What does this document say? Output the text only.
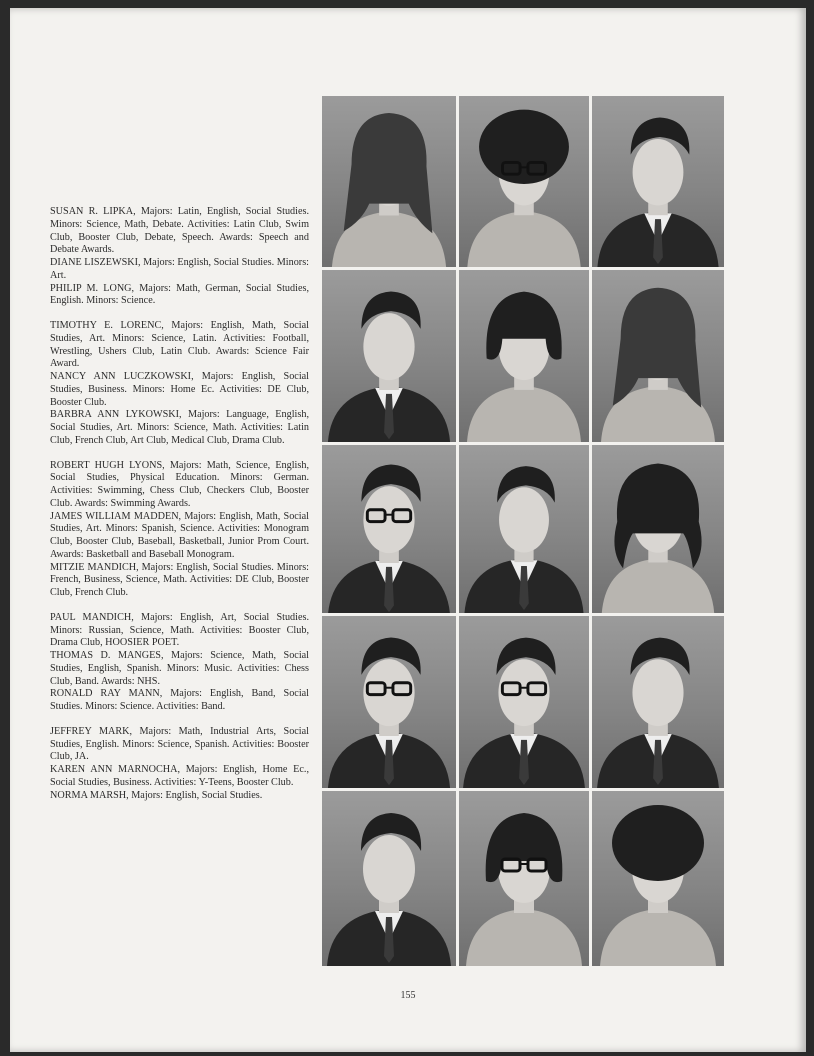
SUSAN R. LIPKA, Majors: Latin, English, Social Studies. Minors: Science, Math, Debate. Activities: Latin Club, Swim Club, Booster Club, Debate, Speech. Awards: Speech and Debate Awards.

DIANE LISZEWSKI, Majors: English, Social Studies. Minors: Art.

PHILIP M. LONG, Majors: Math, German, Social Studies, English. Minors: Science.

TIMOTHY E. LORENC, Majors: English, Math, Social Studies, Art. Minors: Science, Latin. Activities: Football, Wrestling, Ushers Club, Latin Club. Awards: Science Fair Award.

NANCY ANN LUCZKOWSKI, Majors: English, Social Studies, Business. Minors: Home Ec. Activities: DE Club, Booster Club.

BARBRA ANN LYKOWSKI, Majors: Language, English, Social Studies, Art. Minors: Science, Math. Activities: Latin Club, French Club, Art Club, Medical Club, Drama Club.

ROBERT HUGH LYONS, Majors: Math, Science, English, Social Studies, Physical Education. Minors: German. Activities: Swimming, Chess Club, Checkers Club, Booster Club. Awards: Swimming Awards.

JAMES WILLIAM MADDEN, Majors: English, Math, Social Studies, Art. Minors: Spanish, Science. Activities: Monogram Club, Booster Club, Baseball, Basketball, Junior Prom Court. Awards: Basketball and Baseball Monogram.

MITZIE MANDICH, Majors: English, Social Studies. Minors: French, Business, Science, Math. Activities: DE Club, Booster Club, French Club.

PAUL MANDICH, Majors: English, Art, Social Studies. Minors: Russian, Science, Math. Activities: Booster Club, Drama Club, HOOSIER POET.

THOMAS D. MANGES, Majors: Science, Math, Social Studies, English, Spanish. Minors: Music. Activities: Chess Club, Band. Awards: NHS.

RONALD RAY MANN, Majors: English, Band, Social Studies. Minors: Science. Activities: Band.

JEFFREY MARK, Majors: Math, Industrial Arts, Social Studies, English. Minors: Science, Spanish. Activities: Booster Club, JA.

KAREN ANN MARNOCHA, Majors: English, Home Ec., Social Studies, Business. Activities: Y-Teens, Booster Club.

NORMA MARSH, Majors: English, Social Studies.

155
